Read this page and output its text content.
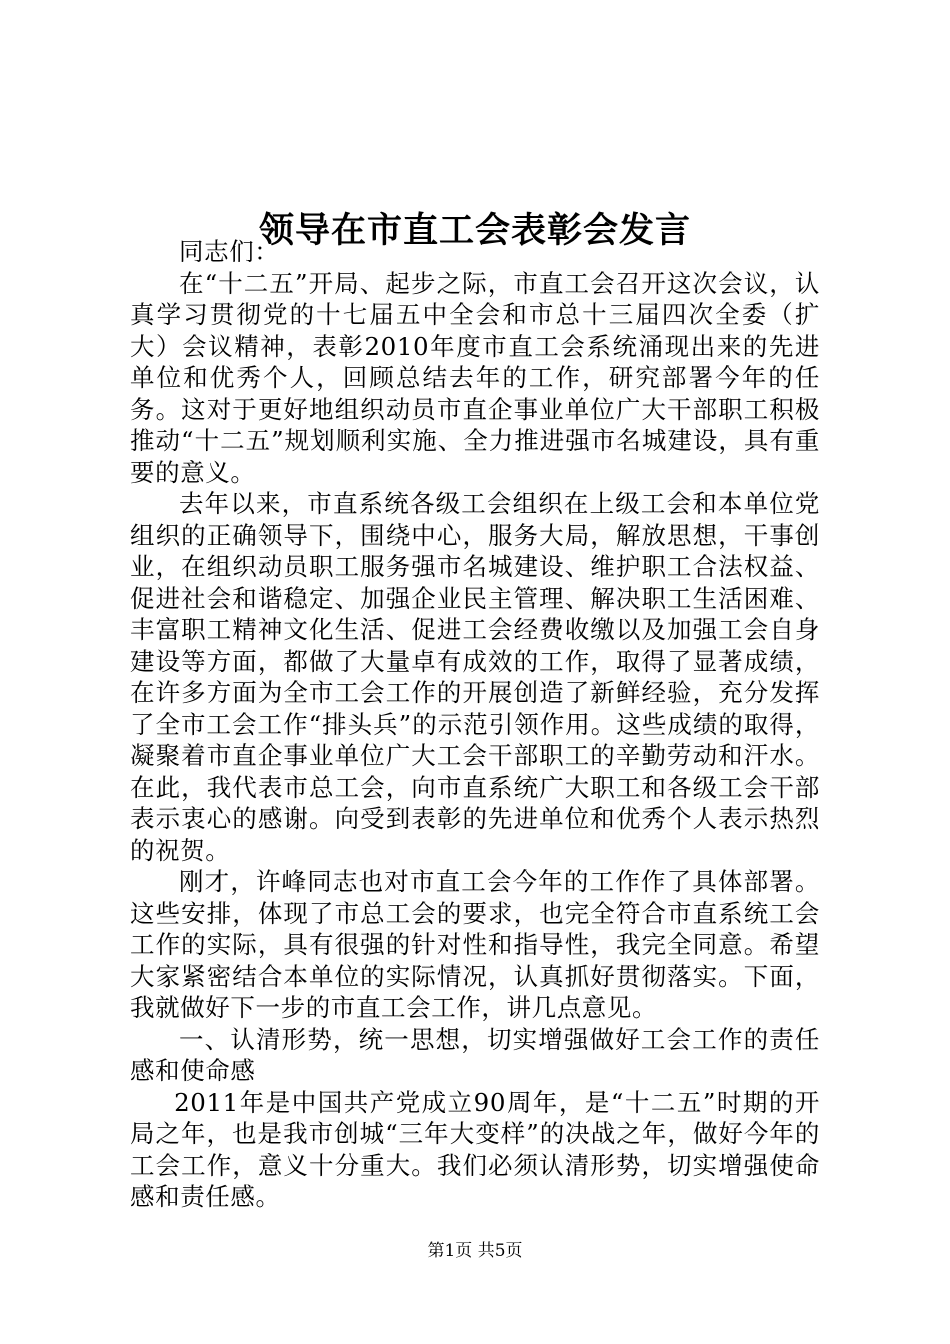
领导在市直工会表彰会发言

同志们：

在“十二五”开局、起步之际，市直工会召开这次会议，认真学习贯彻党的十七届五中全会和市总十三届四次全委（扩大）会议精神，表彰2010年度市直工会系统涌现出来的先进单位和优秀个人，回顾总结去年的工作，研究部署今年的任务。这对于更好地组织动员市直企事业单位广大干部职工积极推动“十二五”规划顺利实施、全力推进强市名城建设，具有重要的意义。

去年以来，市直系统各级工会组织在上级工会和本单位党组织的正确领导下，围绕中心，服务大局，解放思想，干事创业，在组织动员职工服务强市名城建设、维护职工合法权益、促进社会和谐稳定、加强企业民主管理、解决职工生活困难、丰富职工精神文化生活、促进工会经费收缴以及加强工会自身建设等方面，都做了大量卓有成效的工作，取得了显著成绩，在许多方面为全市工会工作的开展创造了新鲜经验，充分发挥了全市工会工作“排头兵”的示范引领作用。这些成绩的取得，凝聚着市直企事业单位广大工会干部职工的辛勤劳动和汗水。在此，我代表市总工会，向市直系统广大职工和各级工会干部表示衷心的感谢。向受到表彰的先进单位和优秀个人表示热烈的祝贺。

刚才，许峰同志也对市直工会今年的工作作了具体部署。这些安排，体现了市总工会的要求，也完全符合市直系统工会工作的实际，具有很强的针对性和指导性，我完全同意。希望大家紧密结合本单位的实际情况，认真抓好贯彻落实。下面，我就做好下一步的市直工会工作，讲几点意见。

一、认清形势，统一思想，切实增强做好工会工作的责任感和使命感

2011年是中国共产党成立90周年，是“十二五”时期的开局之年，也是我市创城“三年大变样”的决战之年，做好今年的工会工作，意义十分重大。我们必须认清形势，切实增强使命感和责任感。

第1页 共5页
